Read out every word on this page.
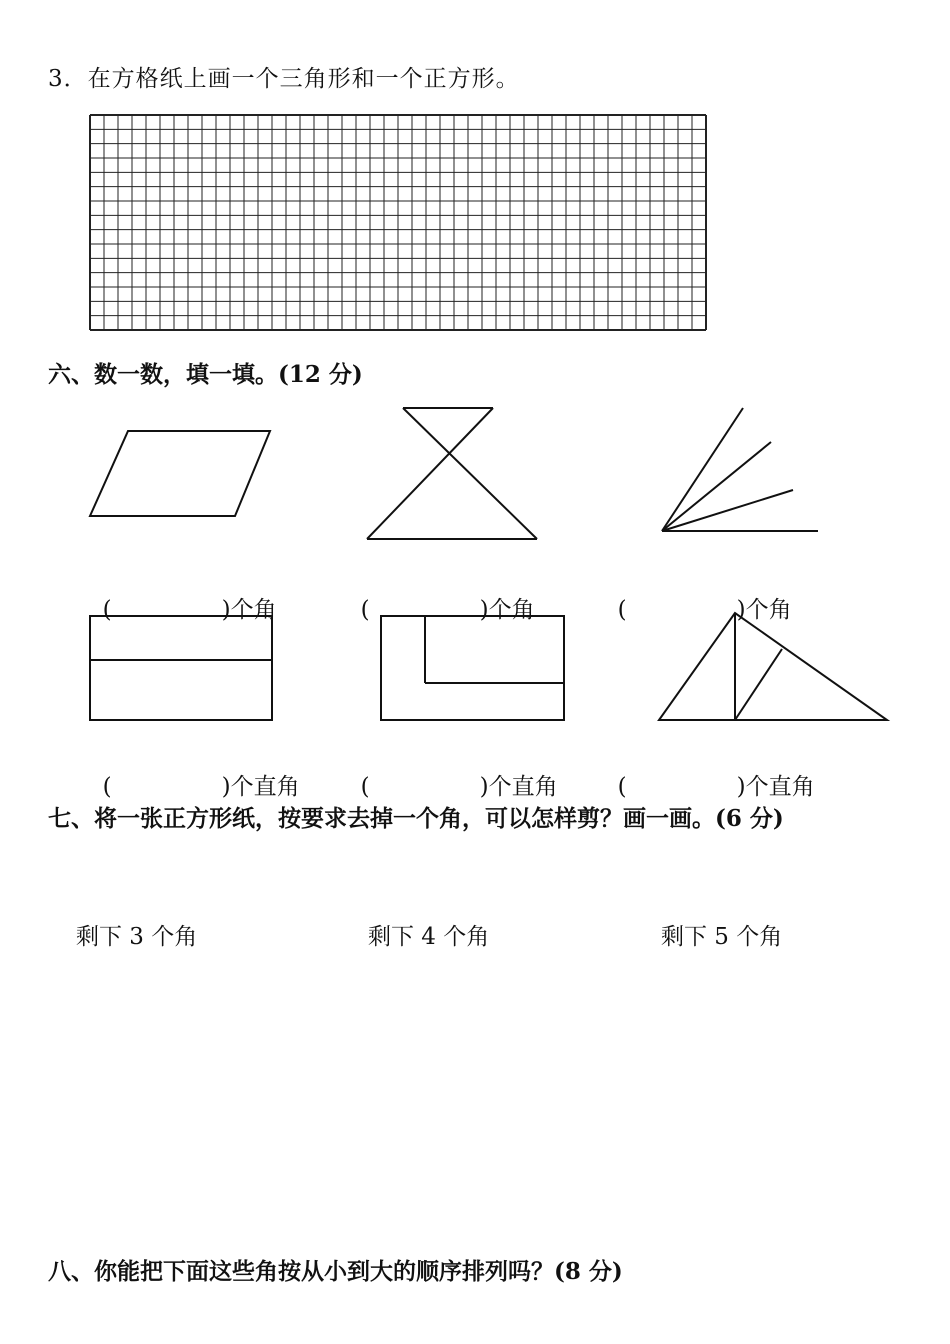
3．在方格纸上画一个三角形和一个正方形。
六、数一数，填一填。(12 分)

(	)个角	(	)个角	(	)个角

(	)个直角	(	)个直角	(	)个直角

七、将一张正方形纸，按要求去掉一个角，可以怎样剪？画一画。(6 分)
剩下 3 个角	剩下 4 个角	剩下 5 个角
八、你能把下面这些角按从小到大的顺序排列吗？(8 分)
